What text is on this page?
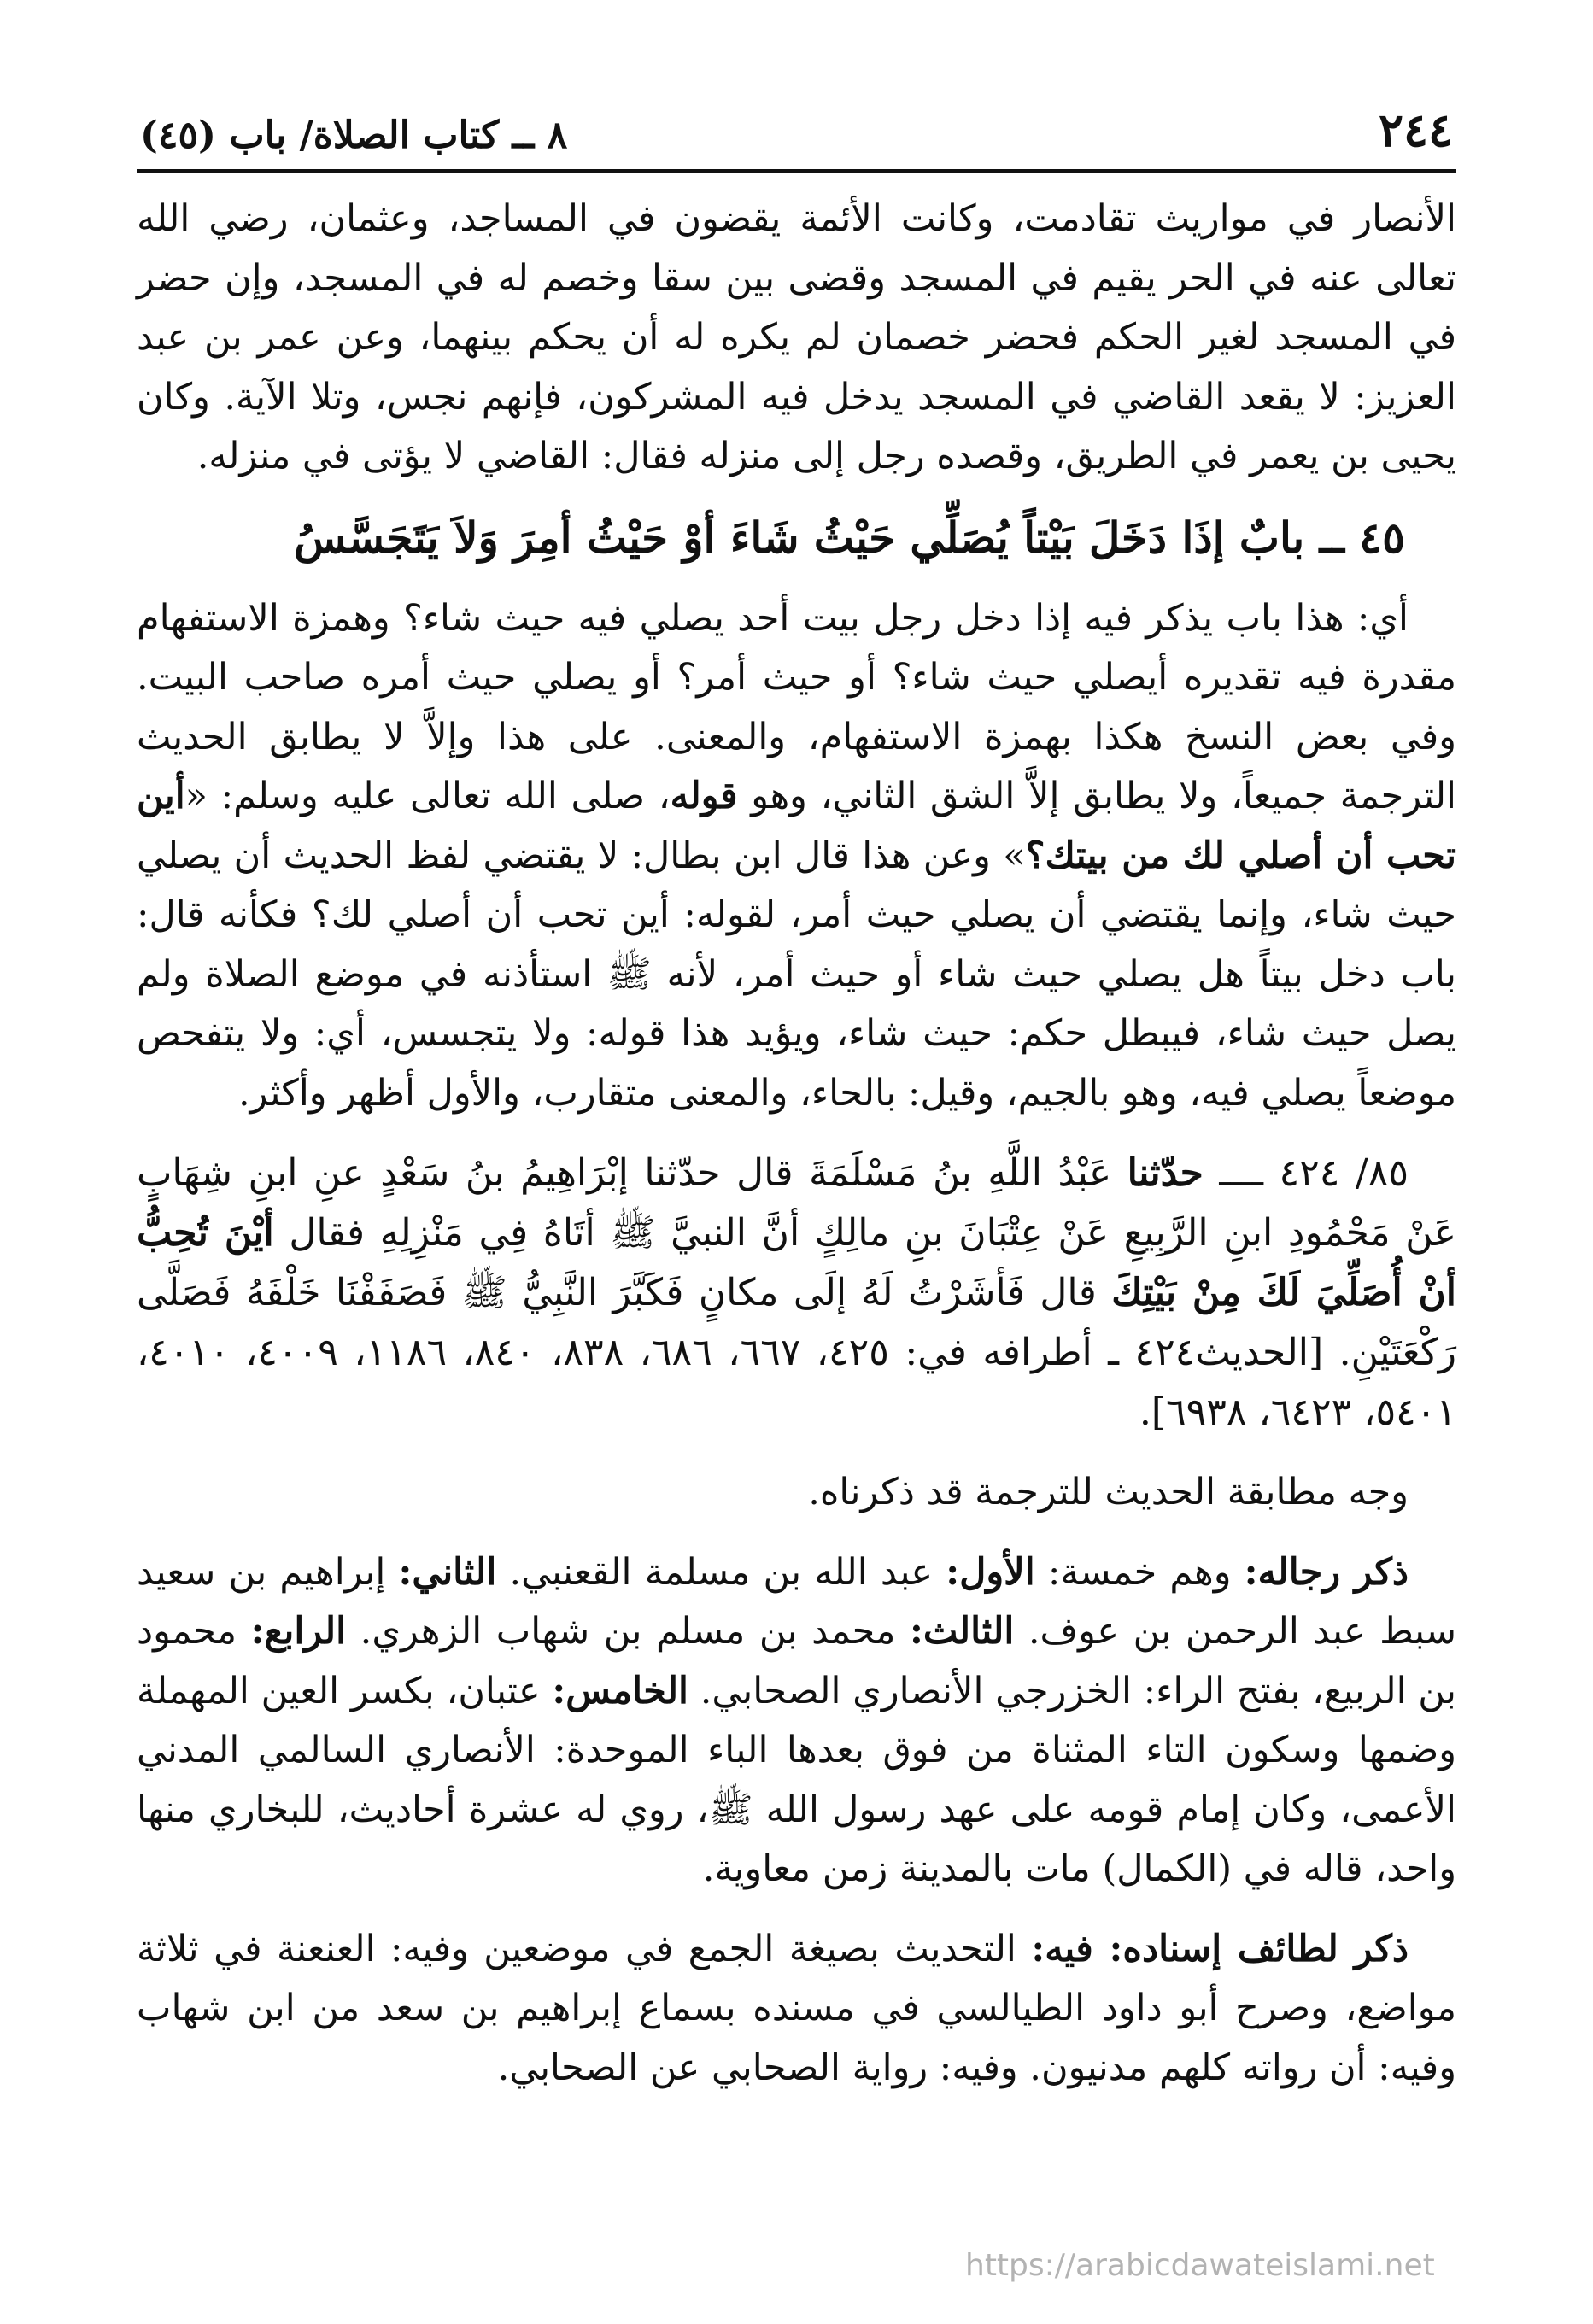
٢٤٤
٨ ــ كتاب الصلاة/ باب (٤٥)

الأنصار في مواريث تقادمت، وكانت الأئمة يقضون في المساجد، وعثمان، رضي الله تعالى عنه في الحر يقيم في المسجد وقضى بين سقا وخصم له في المسجد، وإن حضر في المسجد لغير الحكم فحضر خصمان لم يكره له أن يحكم بينهما، وعن عمر بن عبد العزيز: لا يقعد القاضي في المسجد يدخل فيه المشركون، فإنهم نجس، وتلا الآية. وكان يحيى بن يعمر في الطريق، وقصده رجل إلى منزله فقال: القاضي لا يؤتى في منزله.

٤٥ ــ بابٌ إذَا دَخَلَ بَيْتاً يُصَلِّي حَيْثُ شَاءَ أوْ حَيْثُ أمِرَ وَلاَ يَتَجَسَّسُ

أي: هذا باب يذكر فيه إذا دخل رجل بيت أحد يصلي فيه حيث شاء؟ وهمزة الاستفهام مقدرة فيه تقديره أيصلي حيث شاء؟ أو حيث أمر؟ أو يصلي حيث أمره صاحب البيت. وفي بعض النسخ هكذا بهمزة الاستفهام، والمعنى. على هذا وإلاَّ لا يطابق الحديث الترجمة جميعاً، ولا يطابق إلاَّ الشق الثاني، وهو قوله، صلى الله تعالى عليه وسلم: «أين تحب أن أصلي لك من بيتك؟» وعن هذا قال ابن بطال: لا يقتضي لفظ الحديث أن يصلي حيث شاء، وإنما يقتضي أن يصلي حيث أمر، لقوله: أين تحب أن أصلي لك؟ فكأنه قال: باب دخل بيتاً هل يصلي حيث شاء أو حيث أمر، لأنه ﷺ استأذنه في موضع الصلاة ولم يصل حيث شاء، فيبطل حكم: حيث شاء، ويؤيد هذا قوله: ولا يتجسس، أي: ولا يتفحص موضعاً يصلي فيه، وهو بالجيم، وقيل: بالحاء، والمعنى متقارب، والأول أظهر وأكثر.

٨٥/ ٤٢٤ ــــ حدّثنا عَبْدُ اللَّهِ بنُ مَسْلَمَةَ قال حدّثنا إبْرَاهِيمُ بنُ سَعْدٍ عنِ ابنِ شِهَابٍ عَنْ مَحْمُودِ ابنِ الرَّبِيعِ عَنْ عِتْبَانَ بنِ مالِكٍ أنَّ النبيَّ ﷺ أتَاهُ فِي مَنْزِلِهِ فقال أيْنَ تُحِبُّ أنْ أُصَلِّيَ لَكَ مِنْ بَيْتِكَ قال فَأشَرْتُ لَهُ إلَى مكانٍ فَكَبَّرَ النَّبِيُّ ﷺ فَصَفَفْنَا خَلْفَهُ فَصَلَّى رَكْعَتَيْنِ. [الحديث٤٢٤ ـ أطرافه في: ٤٢٥، ٦٦٧، ٦٨٦، ٨٣٨، ٨٤٠، ١١٨٦، ٤٠٠٩، ٤٠١٠، ٥٤٠١، ٦٤٢٣، ٦٩٣٨].

وجه مطابقة الحديث للترجمة قد ذكرناه.

ذكر رجاله: وهم خمسة: الأول: عبد الله بن مسلمة القعنبي. الثاني: إبراهيم بن سعيد سبط عبد الرحمن بن عوف. الثالث: محمد بن مسلم بن شهاب الزهري. الرابع: محمود بن الربيع، بفتح الراء: الخزرجي الأنصاري الصحابي. الخامس: عتبان، بكسر العين المهملة وضمها وسكون التاء المثناة من فوق بعدها الباء الموحدة: الأنصاري السالمي المدني الأعمى، وكان إمام قومه على عهد رسول الله ﷺ، روي له عشرة أحاديث، للبخاري منها واحد، قاله في (الكمال) مات بالمدينة زمن معاوية.

ذكر لطائف إسناده: فيه: التحديث بصيغة الجمع في موضعين وفيه: العنعنة في ثلاثة مواضع، وصرح أبو داود الطيالسي في مسنده بسماع إبراهيم بن سعد من ابن شهاب وفيه: أن رواته كلهم مدنيون. وفيه: رواية الصحابي عن الصحابي.

https://arabicdawateislami.net
